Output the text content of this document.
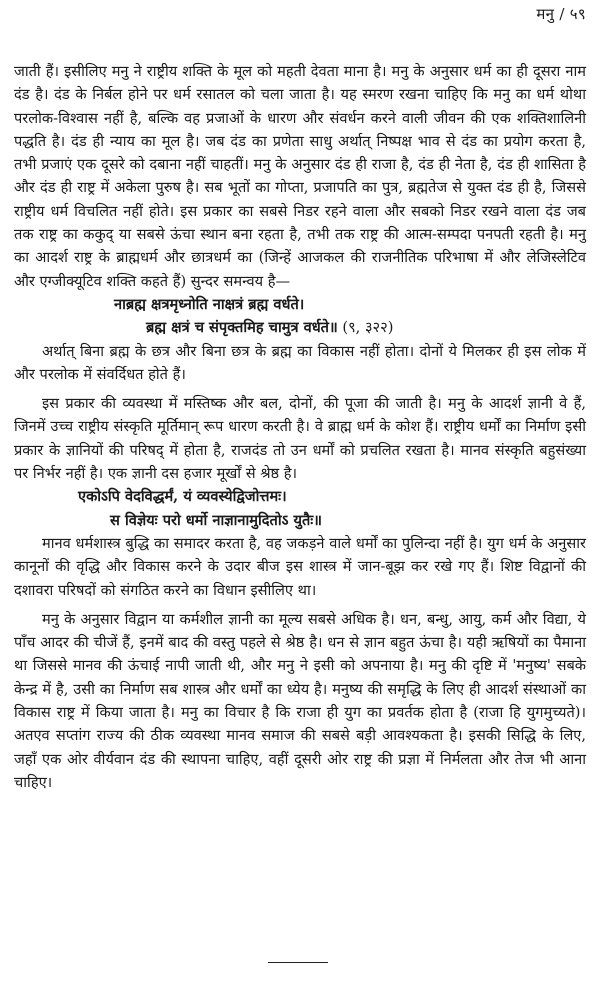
मनु / ५९

जाती हैं। इसीलिए मनु ने राष्ट्रीय शक्ति के मूल को महती देवता माना है। मनु के अनुसार धर्म का ही दूसरा नाम दंड है। दंड के निर्बल होने पर धर्म रसातल को चला जाता है। यह स्मरण रखना चाहिए कि मनु का धर्म थोथा परलोक-विश्वास नहीं है, बल्कि वह प्रजाओं के धारण और संवर्धन करने वाली जीवन की एक शक्तिशालिनी पद्धति है। दंड ही न्याय का मूल है। जब दंड का प्रणेता साधु अर्थात् निष्पक्ष भाव से दंड का प्रयोग करता है, तभी प्रजाएं एक दूसरे को दबाना नहीं चाहतीं। मनु के अनुसार दंड ही राजा है, दंड ही नेता है, दंड ही शासिता है और दंड ही राष्ट्र में अकेला पुरुष है। सब भूतों का गोप्ता, प्रजापति का पुत्र, ब्रह्मतेज से युक्त दंड ही है, जिससे राष्ट्रीय धर्म विचलित नहीं होते। इस प्रकार का सबसे निडर रहने वाला और सबको निडर रखने वाला दंड जब तक राष्ट्र का ककुद् या सबसे ऊंचा स्थान बना रहता है, तभी तक राष्ट्र की आत्म-सम्पदा पनपती रहती है। मनु का आदर्श राष्ट्र के ब्राह्मधर्म और छात्रधर्म का (जिन्हें आजकल की राजनीतिक परिभाषा में और लेजिस्लेटिव और एग्जीक्यूटिव शक्ति कहते हैं) सुन्दर समन्वय है—

नाब्रह्म क्षत्रमृध्नोति नाक्षत्रं ब्रह्म वर्धते।

ब्रह्म क्षत्रं च संपृक्तमिह चामुत्र वर्धते॥ (९, ३२२)

अर्थात् बिना ब्रह्म के छत्र और बिना छत्र के ब्रह्म का विकास नहीं होता। दोनों ये मिलकर ही इस लोक में और परलोक में संवर्दिधत होते हैं।

इस प्रकार की व्यवस्था में मस्तिष्क और बल, दोनों, की पूजा की जाती है। मनु के आदर्श ज्ञानी वे हैं, जिनमें उच्च राष्ट्रीय संस्कृति मूर्तिमान् रूप धारण करती है। वे ब्राह्म धर्म के कोश हैं। राष्ट्रीय धर्मों का निर्माण इसी प्रकार के ज्ञानियों की परिषद् में होता है, राजदंड तो उन धर्मों को प्रचलित रखता है। मानव संस्कृति बहुसंख्या पर निर्भर नहीं है। एक ज्ञानी दस हजार मूर्खों से श्रेष्ठ है।

एकोऽपि वेदविद्धर्मं, यं व्यवस्येद्विजोत्तमः।

स विज्ञेयः परो धर्मो नाज्ञानामुदितोऽ युतैः॥

मानव धर्मशास्त्र बुद्धि का समादर करता है, वह जकड़ने वाले धर्मों का पुलिन्दा नहीं है। युग धर्म के अनुसार कानूनों की वृद्धि और विकास करने के उदार बीज इस शास्त्र में जान-बूझ कर रखे गए हैं। शिष्ट विद्वानों की दशावरा परिषदों को संगठित करने का विधान इसीलिए था।

मनु के अनुसार विद्वान या कर्मशील ज्ञानी का मूल्य सबसे अधिक है। धन, बन्धु, आयु, कर्म और विद्या, ये पाँच आदर की चीजें हैं, इनमें बाद की वस्तु पहले से श्रेष्ठ है। धन से ज्ञान बहुत ऊंचा है। यही ऋषियों का पैमाना था जिससे मानव की ऊंचाई नापी जाती थी, और मनु ने इसी को अपनाया है। मनु की दृष्टि में 'मनुष्य' सबके केन्द्र में है, उसी का निर्माण सब शास्त्र और धर्मों का ध्येय है। मनुष्य की समृद्धि के लिए ही आदर्श संस्थाओं का विकास राष्ट्र में किया जाता है। मनु का विचार है कि राजा ही युग का प्रवर्तक होता है (राजा हि युगमुच्यते)। अतएव सप्तांग राज्य की ठीक व्यवस्था मानव समाज की सबसे बड़ी आवश्यकता है। इसकी सिद्धि के लिए, जहाँ एक ओर वीर्यवान दंड की स्थापना चाहिए, वहीं दूसरी ओर राष्ट्र की प्रज्ञा में निर्मलता और तेज भी आना चाहिए।
